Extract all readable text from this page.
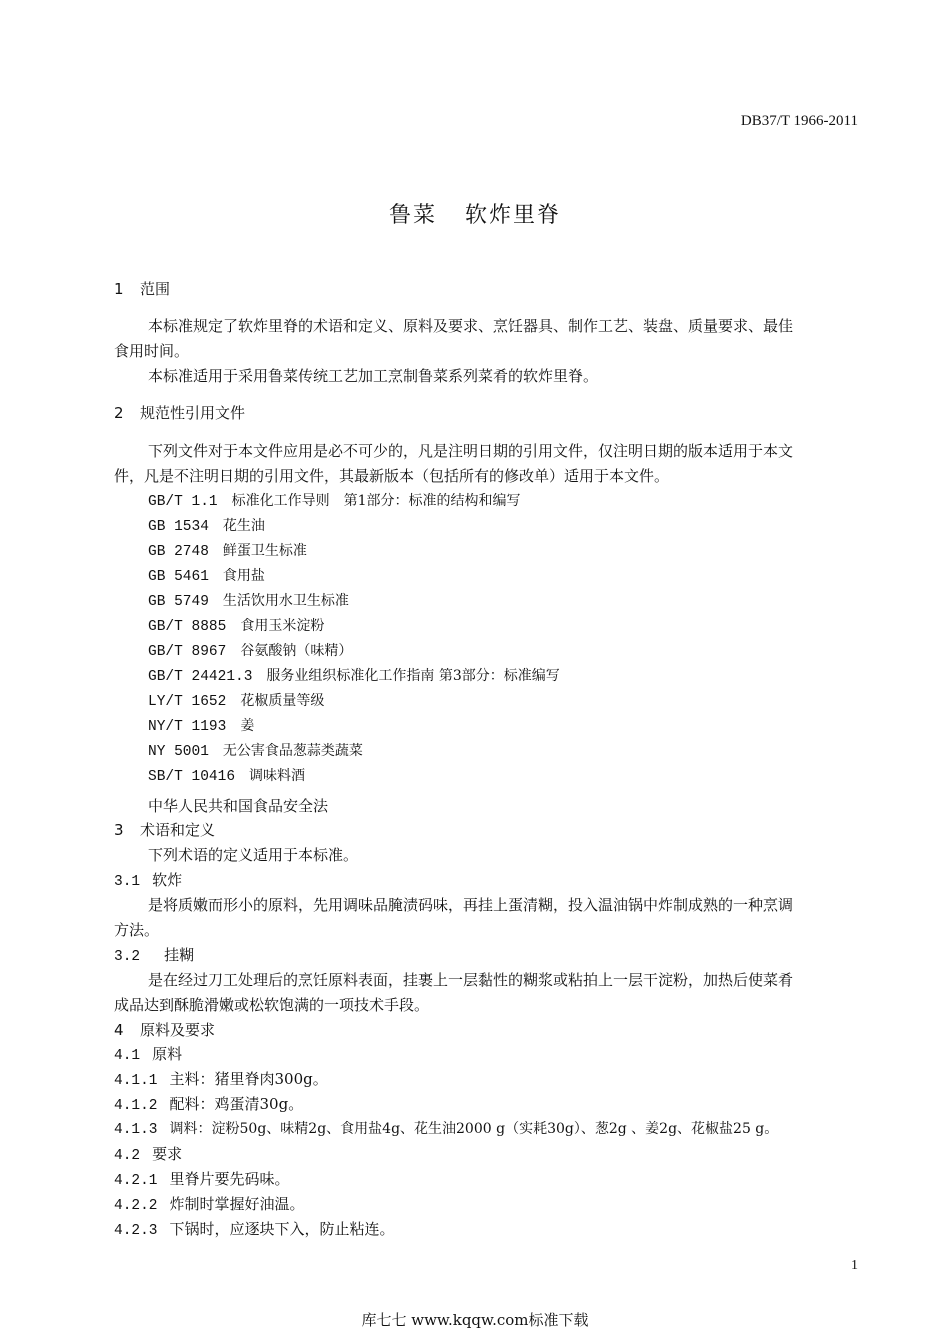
DB37/T 1966-2011
鲁菜 软炸里脊
1 范围
本标准规定了软炸里脊的术语和定义、原料及要求、烹饪器具、制作工艺、装盘、质量要求、最佳
食用时间。
本标准适用于采用鲁菜传统工艺加工烹制鲁菜系列菜肴的软炸里脊。
2 规范性引用文件
下列文件对于本文件应用是必不可少的，凡是注明日期的引用文件，仅注明日期的版本适用于本文
件，凡是不注明日期的引用文件，其最新版本（包括所有的修改单）适用于本文件。
GB/T 1.1 标准化工作导则　第1部分：标准的结构和编写
GB 1534 花生油
GB 2748 鲜蛋卫生标准
GB 5461 食用盐
GB 5749 生活饮用水卫生标准
GB/T 8885 食用玉米淀粉
GB/T 8967 谷氨酸钠（味精）
GB/T 24421.3 服务业组织标准化工作指南 第3部分：标准编写
LY/T 1652 花椒质量等级
NY/T 1193 姜
NY 5001 无公害食品葱蒜类蔬菜
SB/T 10416 调味料酒
中华人民共和国食品安全法
3 术语和定义
下列术语的定义适用于本标准。
3.1 软炸
是将质嫩而形小的原料，先用调味品腌渍码味，再挂上蛋清糊，投入温油锅中炸制成熟的一种烹调
方法。
3.2 挂糊
是在经过刀工处理后的烹饪原料表面，挂裹上一层黏性的糊浆或粘拍上一层干淀粉，加热后使菜肴
成品达到酥脆滑嫩或松软饱满的一项技术手段。
4 原料及要求
4.1 原料
4.1.1 主料：猪里脊肉300g。
4.1.2 配料：鸡蛋清30g。
4.1.3 调料：淀粉50g、味精2g、食用盐4g、花生油2000 g（实耗30g）、葱2g 、姜2g、花椒盐25 g。
4.2 要求
4.2.1 里脊片要先码味。
4.2.2 炸制时掌握好油温。
4.2.3 下锅时，应逐块下入，防止粘连。
1
库七七 www.kqqw.com标准下载
